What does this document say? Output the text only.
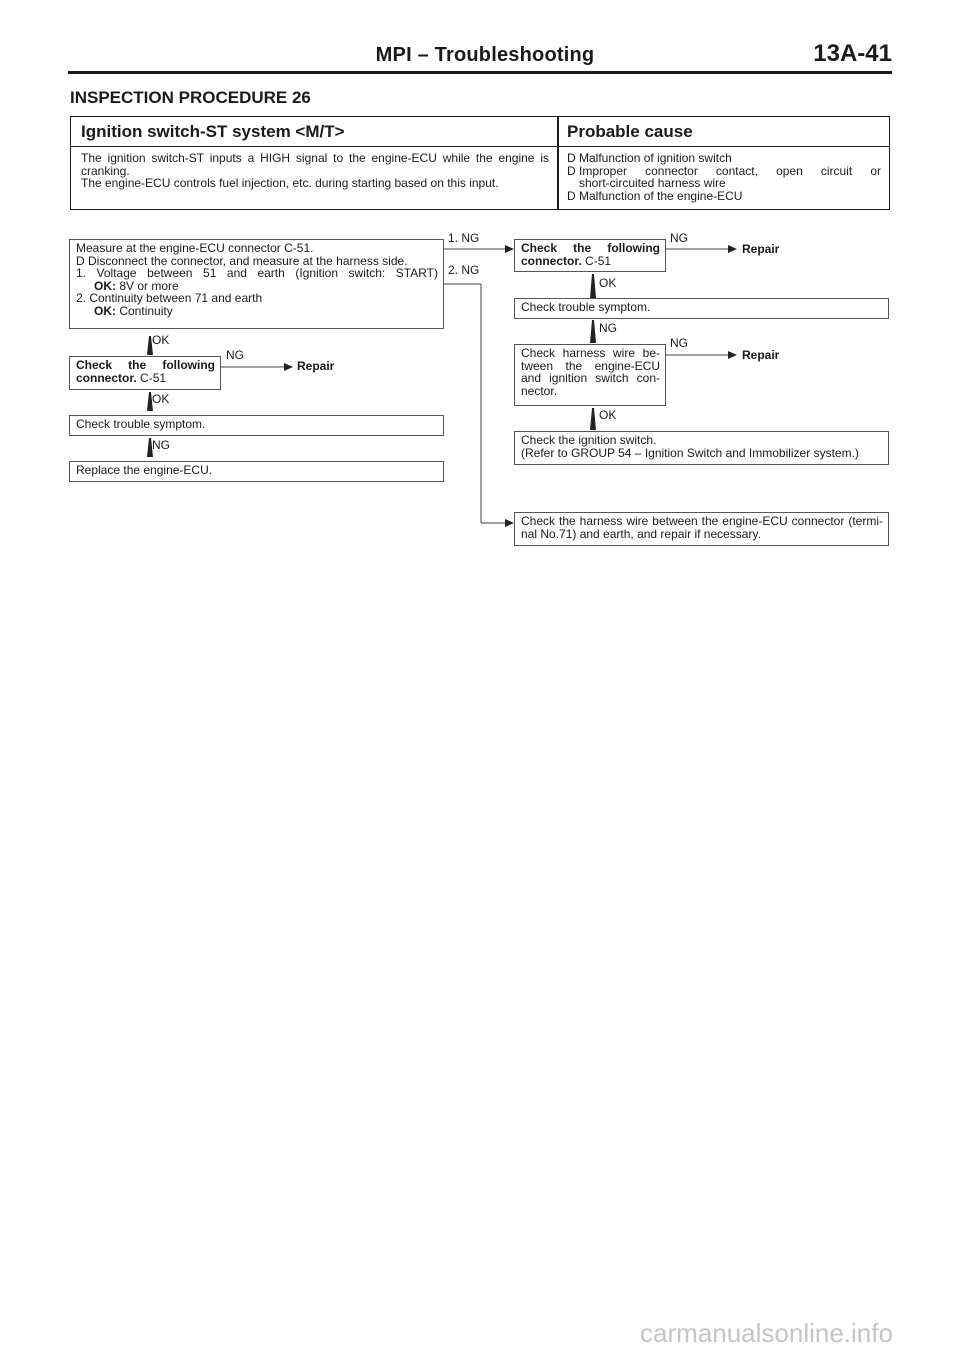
MPI – Troubleshooting	13A-41
INSPECTION PROCEDURE 26
Ignition switch-ST system <M/T>	Probable cause
The ignition switch-ST inputs a HIGH signal to the engine-ECU while the engine is
cranking.
The engine-ECU controls fuel injection, etc. during starting based on this input.
D Malfunction of ignition switch
D Improper connector contact, open circuit or
short-circuited harness wire
D Malfunction of the engine-ECU
Measure at the engine-ECU connector C-51.
D Disconnect the connector, and measure at the harness side.
1. Voltage between 51 and earth (Ignition switch: START)
OK: 8V or more
2. Continuity between 71 and earth
OK: Continuity
1. NG
2. NG
OK
Check the following
connector. C-51
NG
Repair
OK
Check trouble symptom.
NG
Replace the engine-ECU.
Check the following
connector. C-51
NG
Repair
OK
Check trouble symptom.
NG
Check harness wire be-
tween the engine-ECU
and ignition switch con-
nector.
NG
Repair
OK
Check the ignition switch.
(Refer to GROUP 54 – Ignition Switch and Immobilizer system.)
Check the harness wire between the engine-ECU connector (termi-
nal No.71) and earth, and repair if necessary.
carmanualsonline.info
